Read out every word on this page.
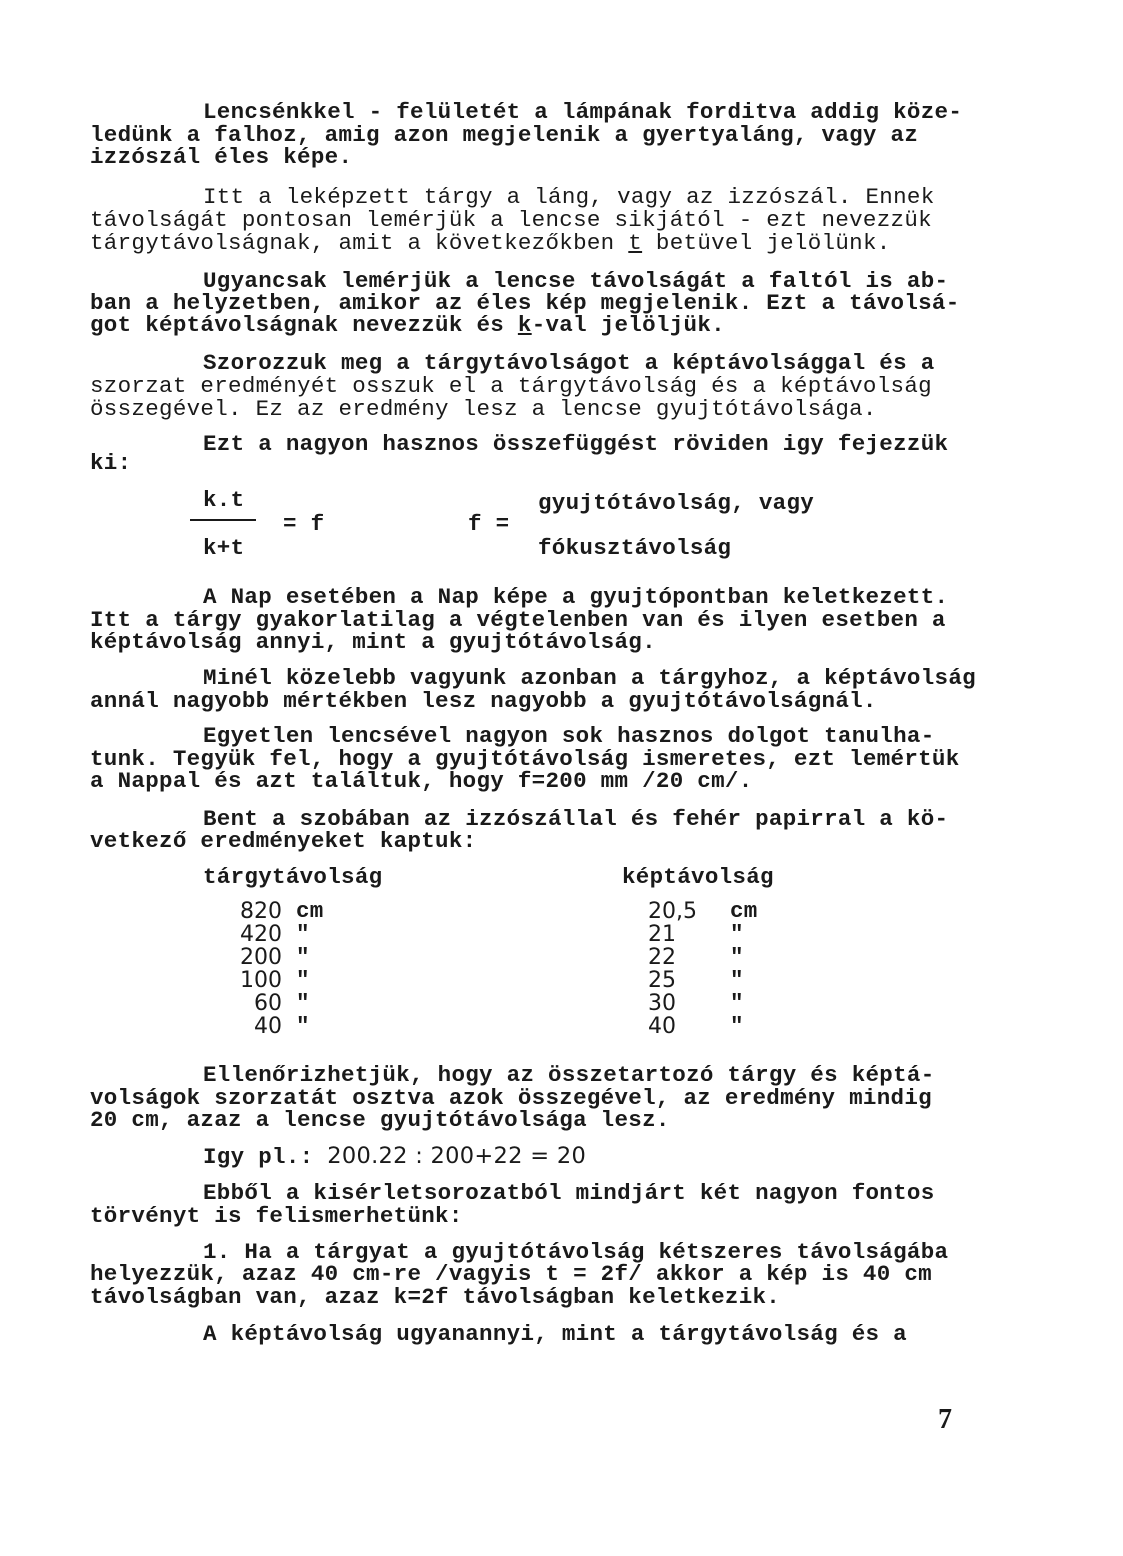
Lencsénkkel - felületét a lámpának forditva addig köze-
ledünk a falhoz, amig azon megjelenik a gyertyaláng, vagy az
izzószál éles képe.
Itt a leképzett tárgy a láng, vagy az izzószál. Ennek
távolságát pontosan lemérjük a lencse sikjától - ezt nevezzük
tárgytávolságnak, amit a következőkben t betüvel jelölünk.
Ugyancsak lemérjük a lencse távolságát a faltól is ab-
ban a helyzetben, amikor az éles kép megjelenik. Ezt a távolsá-
got képtávolságnak nevezzük és k-val jelöljük.
Szorozzuk meg a tárgytávolságot a képtávolsággal és a
szorzat eredményét osszuk el a tárgytávolság és a képtávolság
összegével. Ez az eredmény lesz a lencse gyujtótávolsága.
Ezt a nagyon hasznos összefüggést röviden igy fejezzük
ki:
k.t
= f
k+t
f =
gyujtótávolság, vagy
fókusztávolság
A Nap esetében a Nap képe a gyujtópontban keletkezett.
Itt a tárgy gyakorlatilag a végtelenben van és ilyen esetben a
képtávolság annyi, mint a gyujtótávolság.
Minél közelebb vagyunk azonban a tárgyhoz, a képtávolság
annál nagyobb mértékben lesz nagyobb a gyujtótávolságnál.
Egyetlen lencsével nagyon sok hasznos dolgot tanulha-
tunk. Tegyük fel, hogy a gyujtótávolság ismeretes, ezt lemértük
a Nappal és azt találtuk, hogy f=200 mm /20 cm/.
Bent a szobában az izzószállal és fehér papirral a kö-
vetkező eredményeket kaptuk:
tárgytávolság	képtávolság
820 cm	20,5 cm
420 "	21 "
200 "	22 "
100 "	25 "
60 "	30 "
40 "	40 "
Ellenőrizhetjük, hogy az összetartozó tárgy és képtá-
volságok szorzatát osztva azok összegével, az eredmény mindig
20 cm, azaz a lencse gyujtótávolsága lesz.
Igy pl.: 200.22 : 200+22 = 20
Ebből a kisérletsorozatból mindjárt két nagyon fontos
törvényt is felismerhetünk:
1. Ha a tárgyat a gyujtótávolság kétszeres távolságába
helyezzük, azaz 40 cm-re /vagyis t = 2f/ akkor a kép is 40 cm
távolságban van, azaz k=2f távolságban keletkezik.
A képtávolság ugyanannyi, mint a tárgytávolság és a
7
